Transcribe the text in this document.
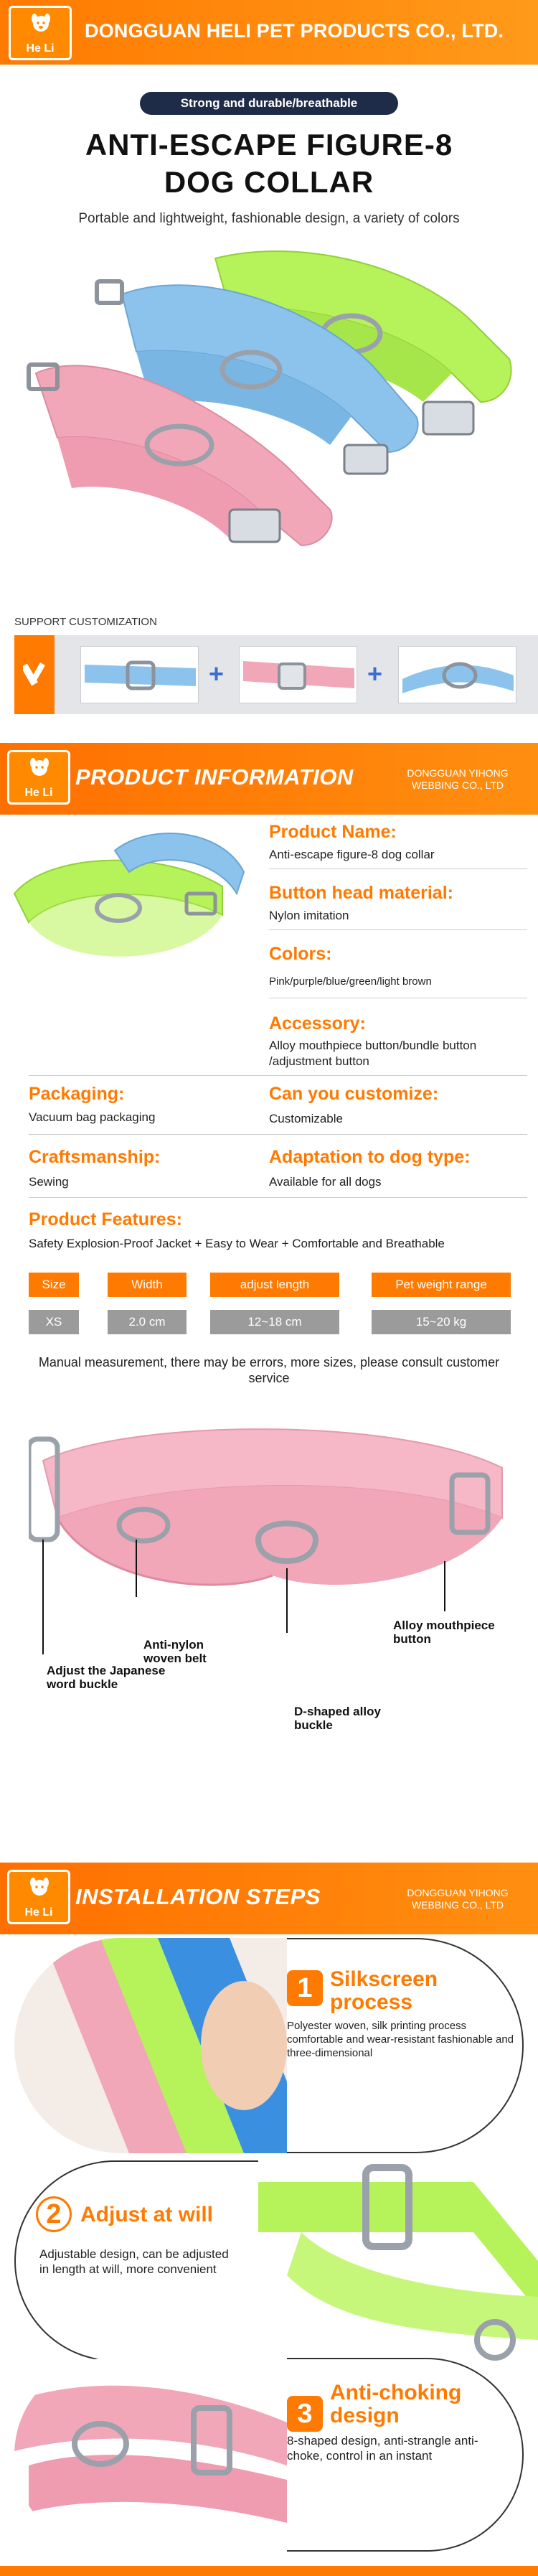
He Li
DONGGUAN HELI PET PRODUCTS CO., LTD.
Strong and durable/breathable
ANTI-ESCAPE FIGURE-8
DOG COLLAR
Portable and lightweight, fashionable design, a variety of colors
SUPPORT CUSTOMIZATION
+	+
He Li
PRODUCT INFORMATION	DONGGUAN YIHONG WEBBING CO., LTD
Product Name:
Anti-escape figure-8 dog collar
Button head material:
Nylon imitation
Colors:
Pink/purple/blue/green/light brown
Accessory:
Alloy mouthpiece button/bundle button /adjustment button
Packaging:
Vacuum bag packaging
Can you customize:
Customizable
Craftsmanship:
Sewing
Adaptation to dog type:
Available for all dogs
Product Features:
Safety Explosion-Proof Jacket + Easy to Wear + Comfortable and Breathable
Size	Width	adjust length	Pet weight range
XS	2.0 cm	12~18 cm	15~20 kg
Manual measurement, there may be errors, more sizes, please consult customer service
Alloy mouthpiece button
Anti-nylon woven belt
Adjust the Japanese word buckle
D-shaped alloy buckle
He Li
INSTALLATION STEPS	DONGGUAN YIHONG WEBBING CO., LTD
1 Silkscreen process
Polyester woven, silk printing process comfortable and wear-resistant fashionable and three-dimensional
2 Adjust at will
Adjustable design, can be adjusted in length at will, more convenient
3
Anti-choking design
8-shaped design, anti-strangle anti-choke, control in an instant
